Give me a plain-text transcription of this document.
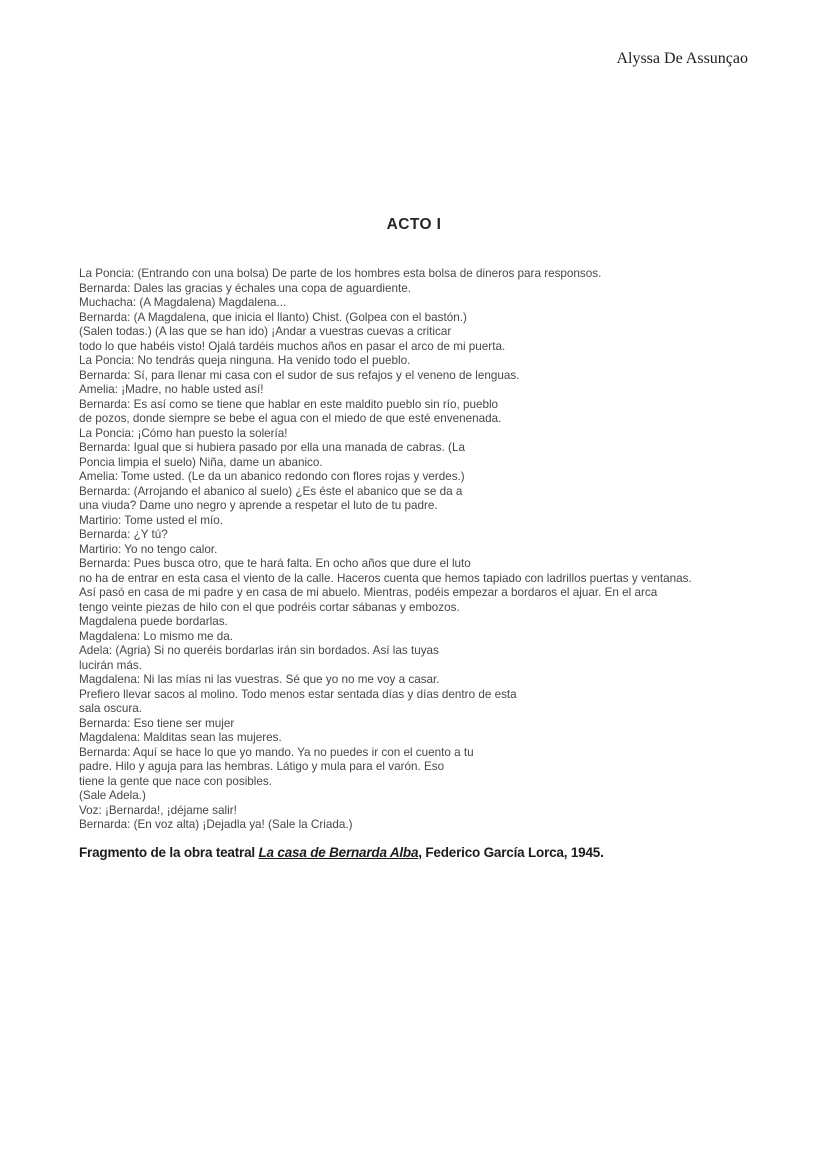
Alyssa De Assunçao
ACTO I
La Poncia: (Entrando con una bolsa) De parte de los hombres esta bolsa de dineros para responsos.
Bernarda: Dales las gracias y échales una copa de aguardiente.
Muchacha: (A Magdalena) Magdalena...
Bernarda: (A Magdalena, que inicia el llanto) Chist. (Golpea con el bastón.)
(Salen todas.) (A las que se han ido) ¡Andar a vuestras cuevas a criticar
todo lo que habéis visto! Ojalá tardéis muchos años en pasar el arco de mi puerta.
La Poncia: No tendrás queja ninguna. Ha venido todo el pueblo.
Bernarda: Sí, para llenar mi casa con el sudor de sus refajos y el veneno de lenguas.
Amelia: ¡Madre, no hable usted así!
Bernarda: Es así como se tiene que hablar en este maldito pueblo sin río, pueblo
de pozos, donde siempre se bebe el agua con el miedo de que esté envenenada.
La Poncia: ¡Cómo han puesto la solería!
Bernarda: Igual que si hubiera pasado por ella una manada de cabras. (La
Poncia limpia el suelo) Niña, dame un abanico.
Amelia: Tome usted. (Le da un abanico redondo con flores rojas y verdes.)
Bernarda: (Arrojando el abanico al suelo) ¿Es éste el abanico que se da a
una viuda? Dame uno negro y aprende a respetar el luto de tu padre.
Martirio: Tome usted el mío.
Bernarda: ¿Y tú?
Martirio: Yo no tengo calor.
Bernarda: Pues busca otro, que te hará falta. En ocho años que dure el luto
no ha de entrar en esta casa el viento de la calle. Haceros cuenta que hemos tapiado con ladrillos puertas y ventanas.
Así pasó en casa de mi padre y en casa de mi abuelo. Mientras, podéis empezar a bordaros el ajuar. En el arca
tengo veinte piezas de hilo con el que podréis cortar sábanas y embozos.
Magdalena puede bordarlas.
Magdalena: Lo mismo me da.
Adela: (Agria) Si no queréis bordarlas irán sin bordados. Así las tuyas
lucirán más.
Magdalena: Ni las mías ni las vuestras. Sé que yo no me voy a casar.
Prefiero llevar sacos al molino. Todo menos estar sentada días y días dentro de esta
sala oscura.
Bernarda: Eso tiene ser mujer
Magdalena: Malditas sean las mujeres.
Bernarda: Aquí se hace lo que yo mando. Ya no puedes ir con el cuento a tu
padre. Hilo y aguja para las hembras. Látigo y mula para el varón. Eso
tiene la gente que nace con posibles.
(Sale Adela.)
Voz: ¡Bernarda!, ¡déjame salir!
Bernarda: (En voz alta) ¡Dejadla ya! (Sale la Criada.)
Fragmento de la obra teatral La casa de Bernarda Alba, Federico García Lorca, 1945.
